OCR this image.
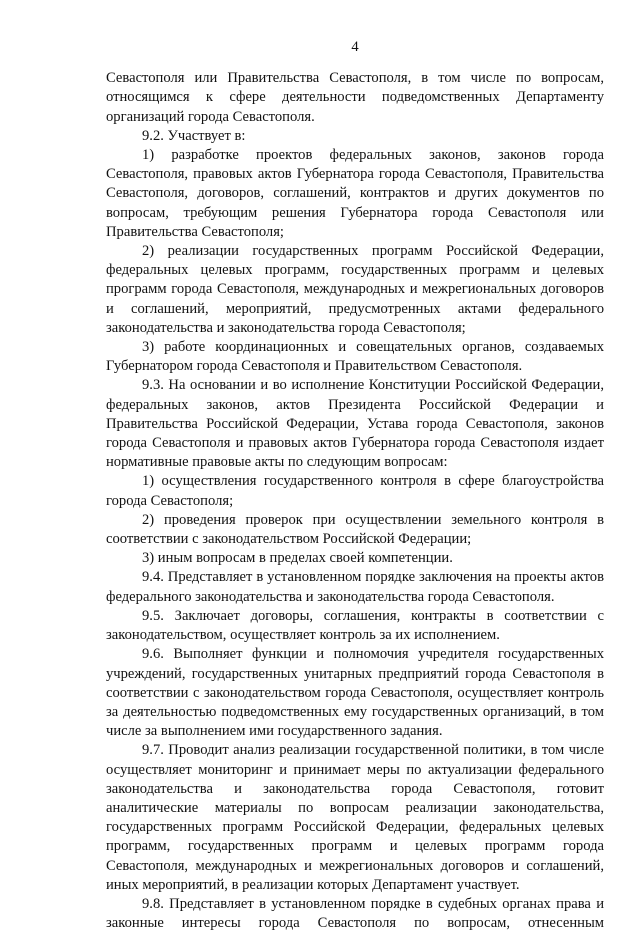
4

Севастополя или Правительства Севастополя, в том числе по вопросам, относящимся к сфере деятельности подведомственных Департаменту организаций города Севастополя.

9.2. Участвует в:

1) разработке проектов федеральных законов, законов города Севастополя, правовых актов Губернатора города Севастополя, Правительства Севастополя, договоров, соглашений, контрактов и других документов по вопросам, требующим решения Губернатора города Севастополя или Правительства Севастополя;

2) реализации государственных программ Российской Федерации, федеральных целевых программ, государственных программ и целевых программ города Севастополя, международных и межрегиональных договоров и соглашений, мероприятий, предусмотренных актами федерального законодательства и законодательства города Севастополя;

3) работе координационных и совещательных органов, создаваемых Губернатором города Севастополя и Правительством Севастополя.

9.3. На основании и во исполнение Конституции Российской Федерации, федеральных законов, актов Президента Российской Федерации и Правительства Российской Федерации, Устава города Севастополя, законов города Севастополя и правовых актов Губернатора города Севастополя издает нормативные правовые акты по следующим вопросам:

1) осуществления государственного контроля в сфере благоустройства города Севастополя;

2) проведения проверок при осуществлении земельного контроля в соответствии с законодательством Российской Федерации;

3) иным вопросам в пределах своей компетенции.

9.4. Представляет в установленном порядке заключения на проекты актов федерального законодательства и законодательства города Севастополя.

9.5. Заключает договоры, соглашения, контракты в соответствии с законодательством, осуществляет контроль за их исполнением.

9.6. Выполняет функции и полномочия учредителя государственных учреждений, государственных унитарных предприятий города Севастополя в соответствии с законодательством города Севастополя, осуществляет контроль за деятельностью подведомственных ему государственных организаций, в том числе за выполнением ими государственного задания.

9.7. Проводит анализ реализации государственной политики, в том числе осуществляет мониторинг и принимает меры по актуализации федерального законодательства и законодательства города Севастополя, готовит аналитические материалы по вопросам реализации законодательства, государственных программ Российской Федерации, федеральных целевых программ, государственных программ и целевых программ города Севастополя, международных и межрегиональных договоров и соглашений, иных мероприятий, в реализации которых Департамент участвует.

9.8. Представляет в установленном порядке в судебных органах права и законные интересы города Севастополя по вопросам, отнесенным
